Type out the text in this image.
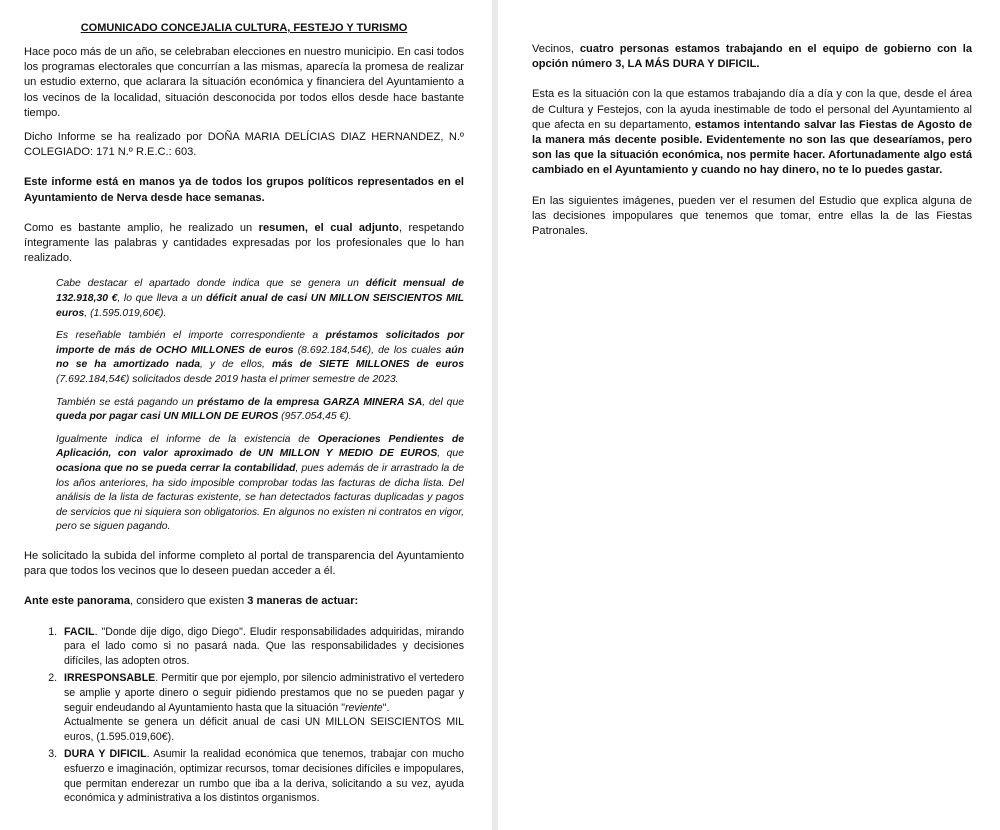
COMUNICADO CONCEJALIA CULTURA, FESTEJO Y TURISMO

Hace poco más de un año, se celebraban elecciones en nuestro municipio. En casi todos los programas electorales que concurrían a las mismas, aparecía la promesa de realizar un estudio externo, que aclarara la situación económica y financiera del Ayuntamiento a los vecinos de la localidad, situación desconocida por todos ellos desde hace bastante tiempo.

Dicho Informe se ha realizado por DOÑA MARIA DELÍCIAS DIAZ HERNANDEZ, N.º COLEGIADO: 171 N.º R.E.C.: 603.

Este informe está en manos ya de todos los grupos políticos representados en el Ayuntamiento de Nerva desde hace semanas.

Como es bastante amplio, he realizado un resumen, el cual adjunto, respetando íntegramente las palabras y cantidades expresadas por los profesionales que lo han realizado.

Cabe destacar el apartado donde indica que se genera un déficit mensual de 132.918,30 €, lo que lleva a un déficit anual de casi UN MILLON SEISCIENTOS MIL euros, (1.595.019,60€).

Es reseñable también el importe correspondiente a préstamos solicitados por importe de más de OCHO MILLONES de euros (8.692.184,54€), de los cuales aún no se ha amortizado nada, y de ellos, más de SIETE MILLONES de euros (7.692.184,54€) solicitados desde 2019 hasta el primer semestre de 2023.

También se está pagando un préstamo de la empresa GARZA MINERA SA, del que queda por pagar casi UN MILLON DE EUROS (957.054,45 €).

Igualmente indica el informe de la existencia de Operaciones Pendientes de Aplicación, con valor aproximado de UN MILLON Y MEDIO DE EUROS, que ocasiona que no se pueda cerrar la contabilidad, pues además de ir arrastrado la de los años anteriores, ha sido imposible comprobar todas las facturas de dicha lista. Del análisis de la lista de facturas existente, se han detectados facturas duplicadas y pagos de servicios que ni siquiera son obligatorios. En algunos no existen ni contratos en vigor, pero se siguen pagando.

He solicitado la subida del informe completo al portal de transparencia del Ayuntamiento para que todos los vecinos que lo deseen puedan acceder a él.

Ante este panorama, considero que existen 3 maneras de actuar:

1. FACIL. "Donde dije digo, digo Diego". Eludir responsabilidades adquiridas, mirando para el lado como si no pasará nada. Que las responsabilidades y decisiones difíciles, las adopten otros.
2. IRRESPONSABLE. Permitir que por ejemplo, por silencio administrativo el vertedero se amplie y aporte dinero o seguir pidiendo prestamos que no se pueden pagar y seguir endeudando al Ayuntamiento hasta que la situación "reviente".
Actualmente se genera un déficit anual de casi UN MILLON SEISCIENTOS MIL euros, (1.595.019,60€).
3. DURA Y DIFICIL. Asumir la realidad económica que tenemos, trabajar con mucho esfuerzo e imaginación, optimizar recursos, tomar decisiones difíciles e impopulares, que permitan enderezar un rumbo que iba a la deriva, solicitando a su vez, ayuda económica y administrativa a los distintos organismos.

Vecinos, cuatro personas estamos trabajando en el equipo de gobierno con la opción número 3, LA MÁS DURA Y DIFICIL.

Esta es la situación con la que estamos trabajando día a día y con la que, desde el área de Cultura y Festejos, con la ayuda inestimable de todo el personal del Ayuntamiento al que afecta en su departamento, estamos intentando salvar las Fiestas de Agosto de la manera más decente posible. Evidentemente no son las que desearíamos, pero son las que la situación económica, nos permite hacer. Afortunadamente algo está cambiado en el Ayuntamiento y cuando no hay dinero, no te lo puedes gastar.

En las siguientes imágenes, pueden ver el resumen del Estudio que explica alguna de las decisiones impopulares que tenemos que tomar, entre ellas la de las Fiestas Patronales.
